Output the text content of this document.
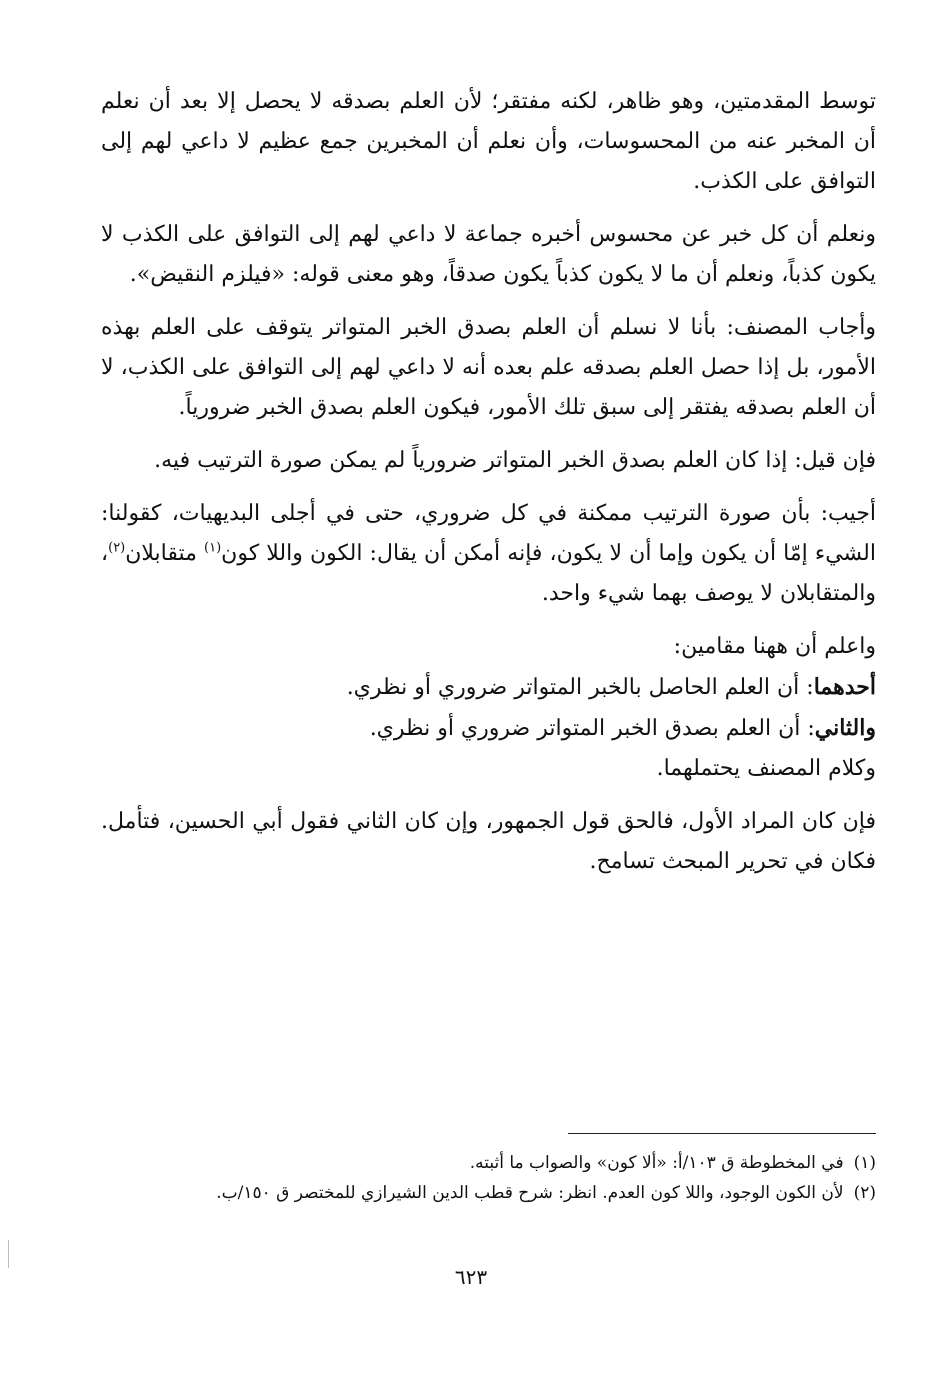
توسط المقدمتين، وهو ظاهر، لكنه مفتقر؛ لأن العلم بصدقه لا يحصل إلا بعد أن نعلم أن المخبر عنه من المحسوسات، وأن نعلم أن المخبرين جمع عظيم لا داعي لهم إلى التوافق على الكذب.

ونعلم أن كل خبر عن محسوس أخبره جماعة لا داعي لهم إلى التوافق على الكذب لا يكون كذباً، ونعلم أن ما لا يكون كذباً يكون صدقاً، وهو معنى قوله: «فيلزم النقيض».

وأجاب المصنف: بأنا لا نسلم أن العلم بصدق الخبر المتواتر يتوقف على العلم بهذه الأمور، بل إذا حصل العلم بصدقه علم بعده أنه لا داعي لهم إلى التوافق على الكذب، لا أن العلم بصدقه يفتقر إلى سبق تلك الأمور، فيكون العلم بصدق الخبر ضرورياً.

فإن قيل: إذا كان العلم بصدق الخبر المتواتر ضرورياً لم يمكن صورة الترتيب فيه.

أجيب: بأن صورة الترتيب ممكنة في كل ضروري، حتى في أجلى البديهيات، كقولنا: الشيء إمّا أن يكون وإما أن لا يكون، فإنه أمكن أن يقال: الكون واللا كون$^{(١)}$ متقابلان$^{(٢)}$، والمتقابلان لا يوصف بهما شيء واحد.

واعلم أن ههنا مقامين:

أحدهما: أن العلم الحاصل بالخبر المتواتر ضروري أو نظري.

والثاني: أن العلم بصدق الخبر المتواتر ضروري أو نظري.

وكلام المصنف يحتملهما.

فإن كان المراد الأول، فالحق قول الجمهور، وإن كان الثاني فقول أبي الحسين، فتأمل. فكان في تحرير المبحث تسامح.

(١)
في المخطوطة ق ١٠٣/أ: «ألا كون» والصواب ما أثبته.

(٢)
لأن الكون الوجود، واللا كون العدم. انظر: شرح قطب الدين الشيرازي للمختصر ق ١٥٠/ب.

٦٢٣
